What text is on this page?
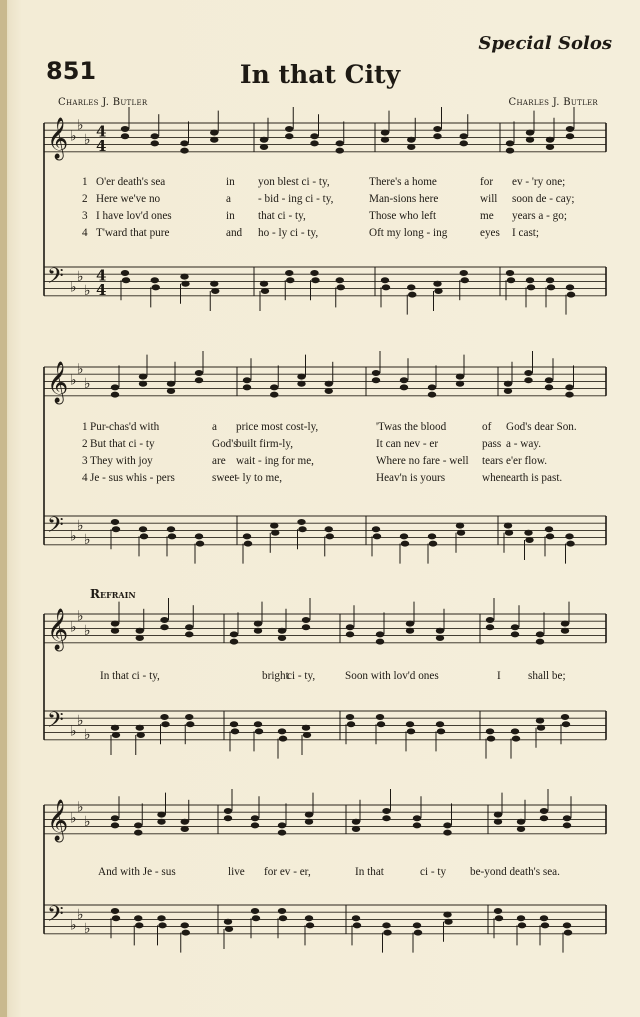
Special Solos
851	In that City
Charles J. Butler	Charles J. Butler
𝄞 ♭
♭
♭
𝄢 ♭
♭
♭
4
4
4
4
𝄞 ♭
♭
♭
𝄢 ♭
♭
♭
𝄞 ♭
♭
♭
𝄢 ♭
♭
♭
𝄞 ♭
♭
♭
𝄢 ♭
♭
♭
1 O'er death's sea	in yon blest ci - ty,	There's a home	for ev - 'ry one;
2 Here we've no	a - bid - ing ci - ty,	Man-sions here	will soon de - cay;
3 I have lov'd ones	in that ci - ty,	Those who left	me years a - go;
4 T'ward that pure	and ho - ly ci - ty,	Oft my long - ing	eyes I cast;
1 Pur-chas'd with	a price most cost-ly,	'Twas the blood	of God's dear Son.
2 But that ci - ty	God's
built firm-ly,	It can nev - er	pass a - way.
3 They with joy	are wait - ing for me,	Where no fare - well tears e'er flow.
4 Je - sus whis - pers	sweet
- ly to me,	Heav'n is yours	when earth is past.
In that ci - ty,	bright
ci - ty,	Soon with lov'd ones	I shall be;
And with Je - sus	live for ev - er,	In that	ci - ty be-yond death's sea.
Refrain
